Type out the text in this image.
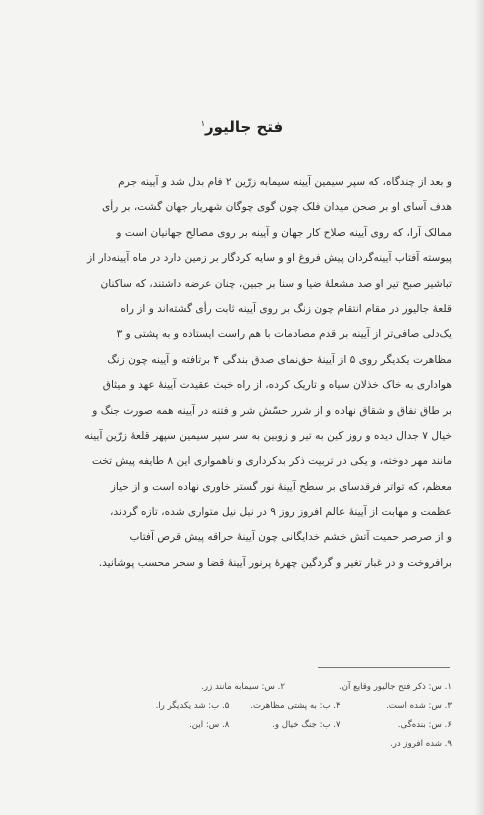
فتح جالیور$^۱$
و بعد از چندگاه، که سپر سیمین آیینه سیمابه زرّین ۲ فام بدل شد و آیینه جرم
هدف آسای او بر صحن میدان فلک چون گوی چوگان شهریار جهان گشت، بر رأی
ممالک آرا، که روی آیینه صلاح کار جهان و آیینه بر روی مصالح جهانیان است و
پیوسته آفتاب آیینه‌گردان پیش فروغ او و سایه کردگار بر زمین دارد در ماه آیینه‌دار از
تباشیر صبح تیر او صد مشعلهٔ ضیا و سنا بر جبین، چنان عرضه داشتند، که ساکنان
قلعهٔ جالیور در مقام انتقام چون زنگ بر روی آیینه ثابت رأی گشته‌اند و از راه
یک‌دلی صافی‌تر از آیینه بر قدم مصادمات با هم راست ایستاده و به پشتی و ۳
مظاهرت یکدیگر روی ۵ از آیینهٔ حق‌نمای صدق بندگی ۴ برتافته و آیینه چون زنگ
هواداری به خاک خذلان سیاه و تاریک کرده، از راه خبث عقیدت آیینهٔ عهد و میثاق
بر طاق نفاق و شقاق نهاده و از شرر حسّش شر و فتنه در آیینه همه صورت جنگ و
خیال ۷ جدال دیده و روز کین به تیر و زوبین به سر سپر سیمین سپهر قلعهٔ زرّین آیینه
مانند مهر دوخته، و یکی در تربیت ذکر بدکرداری و ناهمواری این ۸ طایفه پیش تخت
معظم، که تواتر فرقدسای بر سطح آیینهٔ نور گستر خاوری نهاده است و از حیاز
عظمت و مهابت از آیینهٔ عالم افروز روز ۹ در نیل نیل متواری شده، تازه گردند،
و از صرصر حمیت آتش خشم خدایگانی چون آیینهٔ حراقه پیش قرص آفتاب
برافروخت و در غبار تغیر و گردگین چهرهٔ پرنور آیینهٔ قضا و سحر محسب پوشانید.
۱. س: ذکر فتح جالیور وقایع آن.
۲. س: سیمابه مانند زر.
۳. س: شده است.
۴. ب: به پشتی مظاهرت.
۵. ب: شد یکدیگر را.
۶. س: بنده‌گی.
۷. ب: جنگ خیال و.
۸. س: این.
۹. شده افروز در.
